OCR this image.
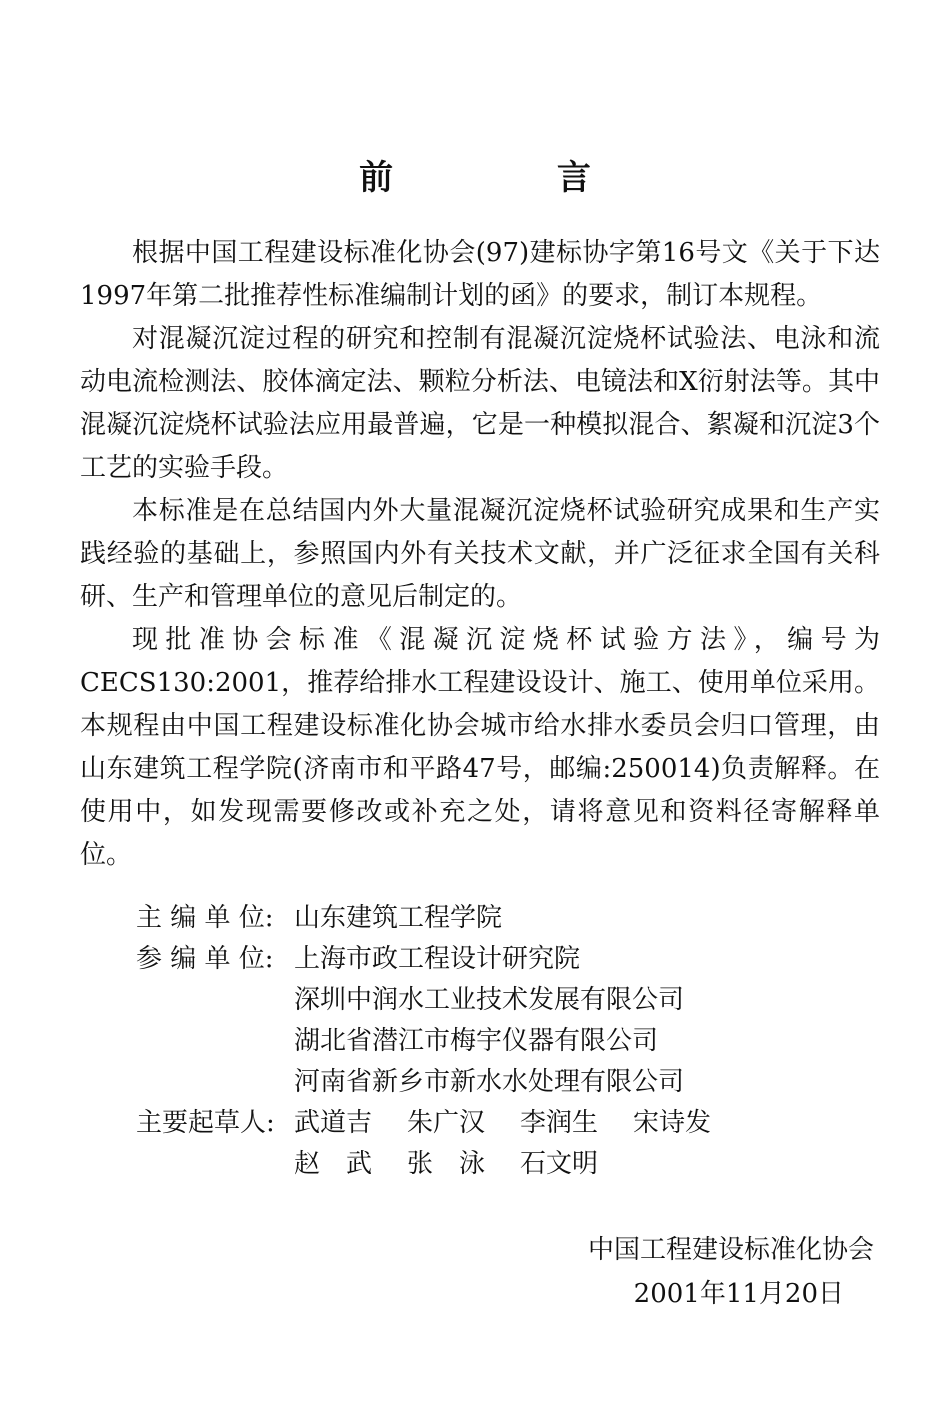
前 言

根据中国工程建设标准化协会(97)建标协字第16号文《关于下达1997年第二批推荐性标准编制计划的函》的要求，制订本规程。

对混凝沉淀过程的研究和控制有混凝沉淀烧杯试验法、电泳和流动电流检测法、胶体滴定法、颗粒分析法、电镜法和X衍射法等。其中混凝沉淀烧杯试验法应用最普遍，它是一种模拟混合、絮凝和沉淀3个工艺的实验手段。

本标准是在总结国内外大量混凝沉淀烧杯试验研究成果和生产实践经验的基础上，参照国内外有关技术文献，并广泛征求全国有关科研、生产和管理单位的意见后制定的。

现批准协会标准《混凝沉淀烧杯试验方法》，编号为CECS130:2001，推荐给排水工程建设设计、施工、使用单位采用。本规程由中国工程建设标准化协会城市给水排水委员会归口管理，由山东建筑工程学院(济南市和平路47号，邮编:250014)负责解释。在使用中，如发现需要修改或补充之处，请将意见和资料径寄解释单位。

主 编 单 位: 山东建筑工程学院
参 编 单 位: 上海市政工程设计研究院
深圳中润水工业技术发展有限公司
湖北省潜江市梅宇仪器有限公司
河南省新乡市新水水处理有限公司
主要起草人: 武道吉	朱广汉	李润生	宋诗发
赵武 张泳 石文明
中国工程建设标准化协会
2001年11月20日
